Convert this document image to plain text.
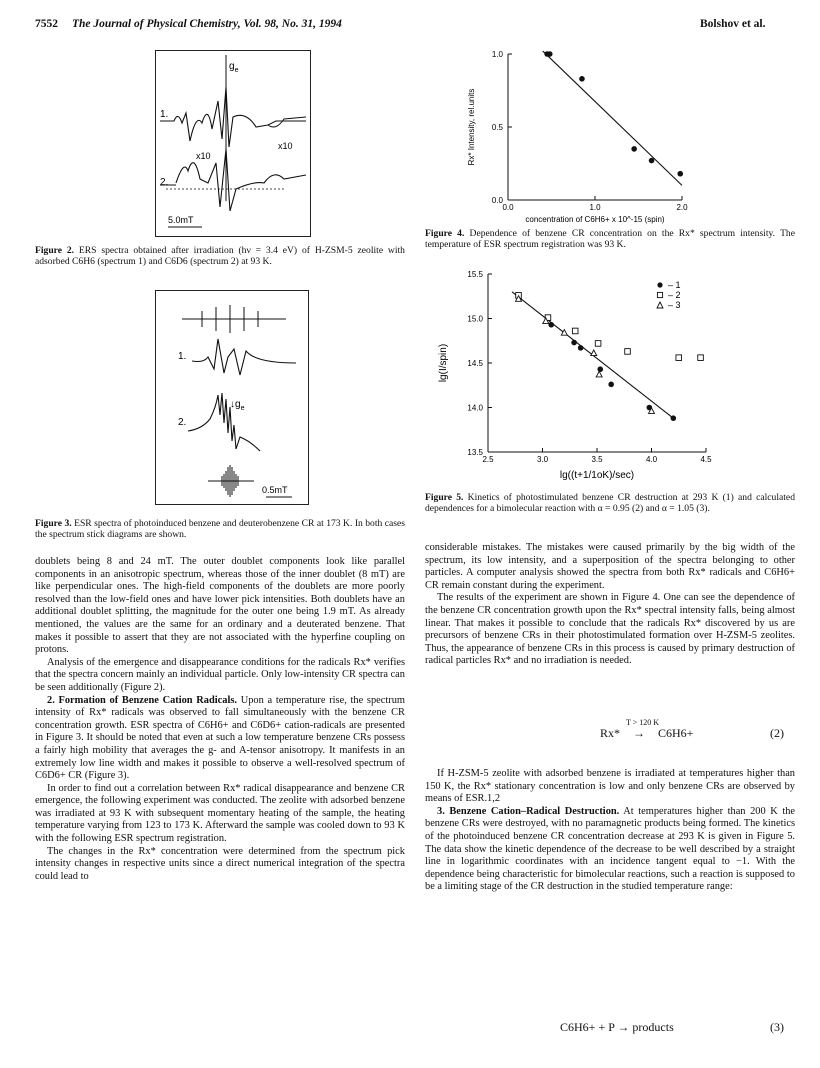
7552 The Journal of Physical Chemistry, Vol. 98, No. 31, 1994	Bolshov et al.
$g_e$
1.
x10
x10
2.
5.0mT
Figure 2. ERS spectra obtained after irradiation (hν = 3.4 eV) of H-ZSM-5 zeolite with adsorbed C6H6 (spectrum 1) and C6D6 (spectrum 2) at 93 K.
1.
$↓g_e$
2.
0.5mT
Figure 3. ESR spectra of photoinduced benzene and deuterobenzene CR at 173 K. In both cases the spectrum stick diagrams are shown.

doublets being 8 and 24 mT. The outer doublet components look like parallel components in an anisotropic spectrum, whereas those of the inner doublet (8 mT) are like perpendicular ones. The high-field components of the doublets are more poorly resolved than the low-field ones and have lower pick intensities. Both doublets have an additional doublet splitting, the magnitude for the outer one being 1.9 mT. As already mentioned, the values are the same for an ordinary and a deuterated benzene. That makes it possible to assert that they are not associated with the hyperfine coupling on protons.

Analysis of the emergence and disappearance conditions for the radicals Rx* verifies that the spectra concern mainly an individual particle. Only low-intensity CR spectra can be seen additionally (Figure 2).

2. Formation of Benzene Cation Radicals. Upon a temperature rise, the spectrum intensity of Rx* radicals was observed to fall simultaneously with the benzene CR concentration growth. ESR spectra of C6H6+ and C6D6+ cation-radicals are presented in Figure 3. It should be noted that even at such a low temperature benzene CRs possess a fairly high mobility that averages the g- and A-tensor anisotropy. It manifests in an extremely low line width and makes it possible to observe a well-resolved spectrum of C6D6+ CR (Figure 3).

In order to find out a correlation between Rx* radical disappearance and benzene CR emergence, the following experiment was conducted. The zeolite with adsorbed benzene was irradiated at 93 K with subsequent momentary heating of the sample, the heating temperature varying from 123 to 173 K. Afterward the sample was cooled down to 93 K with the following ESR spectrum registration.

The changes in the Rx* concentration were determined from the spectrum pick intensity changes in respective units since a direct numerical integration of the spectra could lead to

0.0	1.0	2.0
0.0
0.5
1.0
concentration of C6H6+ x 10^-15 (spin)
Rx* Intensity, rel.units
Figure 4. Dependence of benzene CR concentration on the Rx* spectrum intensity. The temperature of ESR spectrum registration was 93 K.
2.5	3.0	3.5	4.0	4.5
13.5
14.0
14.5
15.0
15.5
lg((t+1/1oK)/sec)
lg(I/spin)
– 1
– 2
– 3
Figure 5. Kinetics of photostimulated benzene CR destruction at 293 K (1) and calculated dependences for a bimolecular reaction with α = 0.95 (2) and α = 1.05 (3).

considerable mistakes. The mistakes were caused primarily by the big width of the spectrum, its low intensity, and a superposition of the spectra belonging to other particles. A computer analysis showed the spectra from both Rx* radicals and C6H6+ CR remain constant during the experiment.

The results of the experiment are shown in Figure 4. One can see the dependence of the benzene CR concentration growth upon the Rx* spectral intensity falls, being almost linear. That makes it possible to conclude that the radicals Rx* discovered by us are precursors of benzene CRs in their photostimulated formation over H-ZSM-5 zeolites. Thus, the appearance of benzene CRs in this process is caused by primary destruction of radical particles Rx* and no irradiation is needed.

T > 120 K
Rx* → C6H6+	(2)

If H-ZSM-5 zeolite with adsorbed benzene is irradiated at temperatures higher than 150 K, the Rx* stationary concentration is low and only benzene CRs are observed by means of ESR.1,2

3. Benzene Cation–Radical Destruction. At temperatures higher than 200 K the benzene CRs were destroyed, with no paramagnetic products being formed. The kinetics of the photoinduced benzene CR concentration decrease at 293 K is given in Figure 5. The data show the kinetic dependence of the decrease to be well described by a straight line in logarithmic coordinates with an incidence tangent equal to −1. With the dependence being characteristic for bimolecular reactions, such a reaction is supposed to be a limiting stage of the CR destruction in the studied temperature range:

C6H6+ + P → products	(3)
